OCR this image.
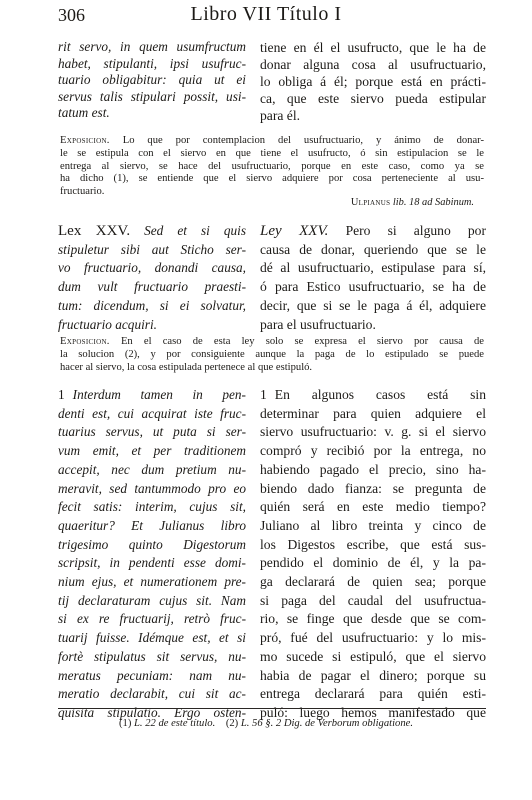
306	Libro VII Título I
rit servo, in quem usumfructum
habet, stipulanti, ipsi usufruc-
tuario obligabitur: quia ut ei
servus talis stipulari possit, usi-
tatum est.
tiene en él el usufructo, que le ha de
donar alguna cosa al usufructuario,
lo obliga á él; porque está en prácti-
ca, que este siervo pueda estipular
para él.
Exposicion. Lo que por contemplacion del usufructuario, y ánimo de donar-
le se estipula con el siervo en que tiene el usufructo, ó sin estipulacion se le
entrega al siervo, se hace del usufructuario, porque en este caso, como ya se
ha dicho (1), se entiende que el siervo adquiere por cosa perteneciente al usu-
fructuario.
Ulpianus lib. 18 ad Sabinum.
Lex XXV. Sed et si quis
stipuletur sibi aut Sticho ser-
vo fructuario, donandi causa,
dum vult fructuario praesti-
tum: dicendum, si ei solvatur,
fructuario acquiri.
Ley XXV. Pero si alguno por
causa de donar, queriendo que se le
dé al usufructuario, estipulase para sí,
ó para Estico usufructuario, se ha de
decir, que si se le paga á él, adquiere
para el usufructuario.
Exposicion. En el caso de esta ley solo se expresa el siervo por causa de
la solucion (2), y por consiguiente aunque la paga de lo estipulado se puede
hacer al siervo, la cosa estipulada pertenece al que estipuló.
1 Interdum tamen in pen-
denti est, cui acquirat iste fruc-
tuarius servus, ut puta si ser-
vum emit, et per traditionem
accepit, nec dum pretium nu-
meravit, sed tantummodo pro eo
fecit satis: interim, cujus sit,
quaeritur? Et Julianus libro
trigesimo quinto Digestorum
scripsit, in pendenti esse domi-
nium ejus, et numerationem pre-
tij declaraturam cujus sit. Nam
si ex re fructuarij, retrò fruc-
tuarij fuisse. Idémque est, et si
fortè stipulatus sit servus, nu-
meratus pecuniam: nam nu-
meratio declarabit, cui sit ac-
quisita stipulatio. Ergo osten-
1 En algunos casos está sin
determinar para quien adquiere el
siervo usufructuario: v. g. si el siervo
compró y recibió por la entrega, no
habiendo pagado el precio, sino ha-
biendo dado fianza: se pregunta de
quién será en este medio tiempo?
Juliano al libro treinta y cinco de
los Digestos escribe, que está sus-
pendido el dominio de él, y la pa-
ga declarará de quien sea; porque
si paga del caudal del usufructua-
rio, se finge que desde que se com-
pró, fué del usufructuario: y lo mis-
mo sucede si estipuló, que el siervo
habia de pagar el dinero; porque su
entrega declarará para quién esti-
puló: luego hemos manifestado que
(1) L. 22 de este título. (2) L. 56 §. 2 Dig. de Verborum obligatione.
